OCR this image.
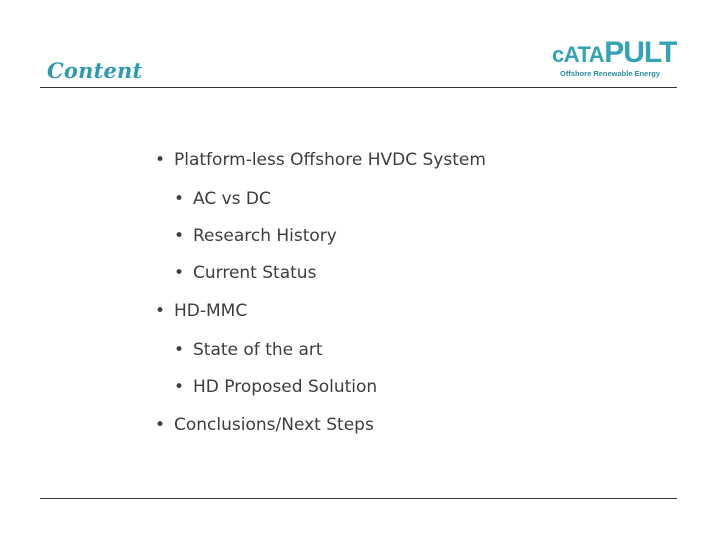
Content
cATAPULT
Offshore Renewable Energy
• Platform-less Offshore HVDC System
• AC vs DC
• Research History
• Current Status
• HD-MMC
• State of the art
• HD Proposed Solution
• Conclusions/Next Steps
